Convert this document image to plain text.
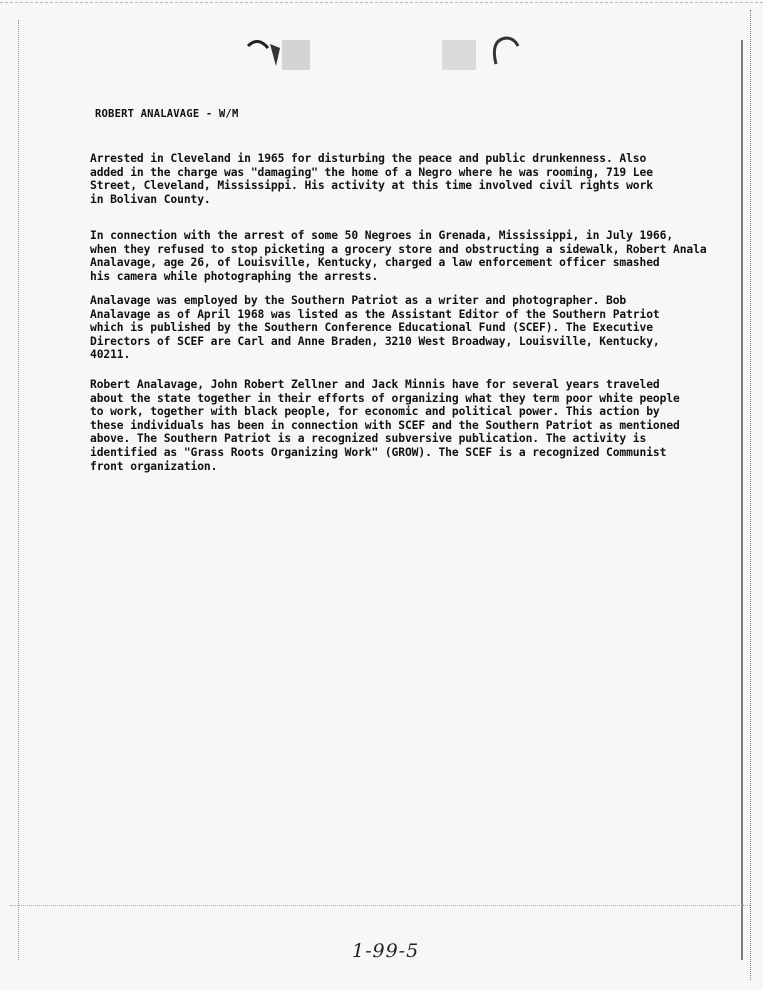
ROBERT ANALAVAGE - W/M

Arrested in Cleveland in 1965 for disturbing the peace and public drunkenness. Also
added in the charge was "damaging" the home of a Negro where he was rooming, 719 Lee
Street, Cleveland, Mississippi. His activity at this time involved civil rights work
in Bolivan County.

In connection with the arrest of some 50 Negroes in Grenada, Mississippi, in July 1966,
when they refused to stop picketing a grocery store and obstructing a sidewalk, Robert Anala
Analavage, age 26, of Louisville, Kentucky, charged a law enforcement officer smashed
his camera while photographing the arrests.

Analavage was employed by the Southern Patriot as a writer and photographer. Bob
Analavage as of April 1968 was listed as the Assistant Editor of the Southern Patriot
which is published by the Southern Conference Educational Fund (SCEF). The Executive
Directors of SCEF are Carl and Anne Braden, 3210 West Broadway, Louisville, Kentucky,
40211.

Robert Analavage, John Robert Zellner and Jack Minnis have for several years traveled
about the state together in their efforts of organizing what they term poor white people
to work, together with black people, for economic and political power. This action by
these individuals has been in connection with SCEF and the Southern Patriot as mentioned
above. The Southern Patriot is a recognized subversive publication. The activity is
identified as "Grass Roots Organizing Work" (GROW). The SCEF is a recognized Communist
front organization.

1-99-5
